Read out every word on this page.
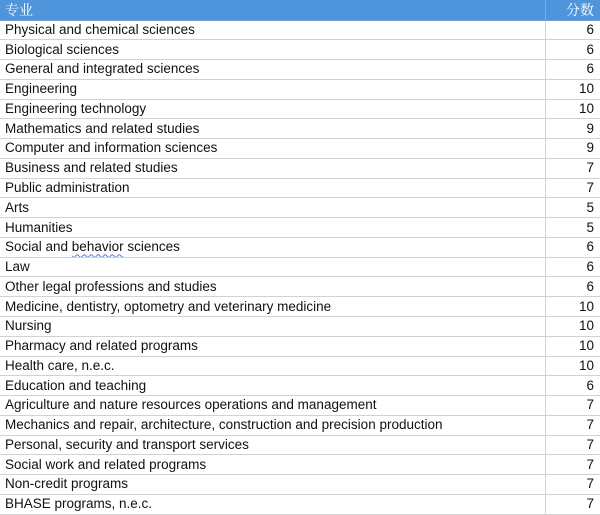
专业	分数
Physical and chemical sciences	6
Biological sciences	6
General and integrated sciences	6
Engineering	10
Engineering technology	10
Mathematics and related studies	9
Computer and information sciences	9
Business and related studies	7
Public administration	7
Arts	5
Humanities	5
Social and behavior sciences	6
Law	6
Other legal professions and studies	6
Medicine, dentistry, optometry and veterinary medicine	10
Nursing	10
Pharmacy and related programs	10
Health care, n.e.c.	10
Education and teaching	6
Agriculture and nature resources operations and management	7
Mechanics and repair, architecture, construction and precision production	7
Personal, security and transport services	7
Social work and related programs	7
Non-credit programs	7
BHASE programs, n.e.c.	7
